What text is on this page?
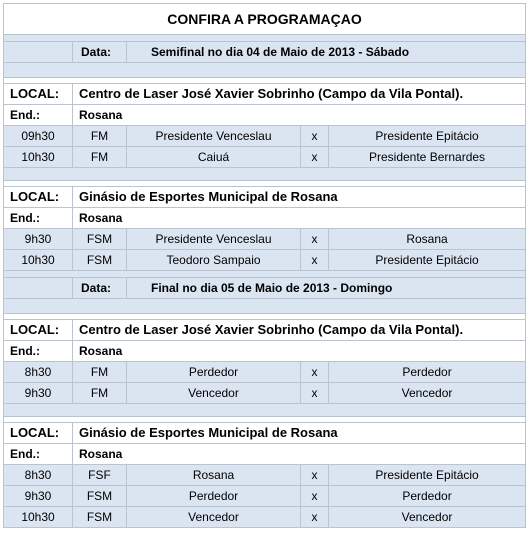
CONFIRA A PROGRAMAÇAO				

	Data:	Semifinal no dia 04 de Maio de 2013 - Sábado		

LOCAL:	Centro de Laser José Xavier Sobrinho (Campo da Vila Pontal).			
End.:	Rosana			
09h30	FM	Presidente Venceslau	x	Presidente Epitácio
10h30	FM	Caiuá	x	Presidente Bernardes

LOCAL:	Ginásio de Esportes Municipal de Rosana			
End.:	Rosana			
9h30	FSM	Presidente Venceslau	x	Rosana
10h30	FSM	Teodoro Sampaio	x	Presidente Epitácio

	Data:	Final no dia 05 de Maio de 2013 - Domingo		

LOCAL:	Centro de Laser José Xavier Sobrinho (Campo da Vila Pontal).			
End.:	Rosana			
8h30	FM	Perdedor	x	Perdedor
9h30	FM	Vencedor	x	Vencedor

LOCAL:	Ginásio de Esportes Municipal de Rosana			
End.:	Rosana			
8h30	FSF	Rosana	x	Presidente Epitácio
9h30	FSM	Perdedor	x	Perdedor
10h30	FSM	Vencedor	x	Vencedor
